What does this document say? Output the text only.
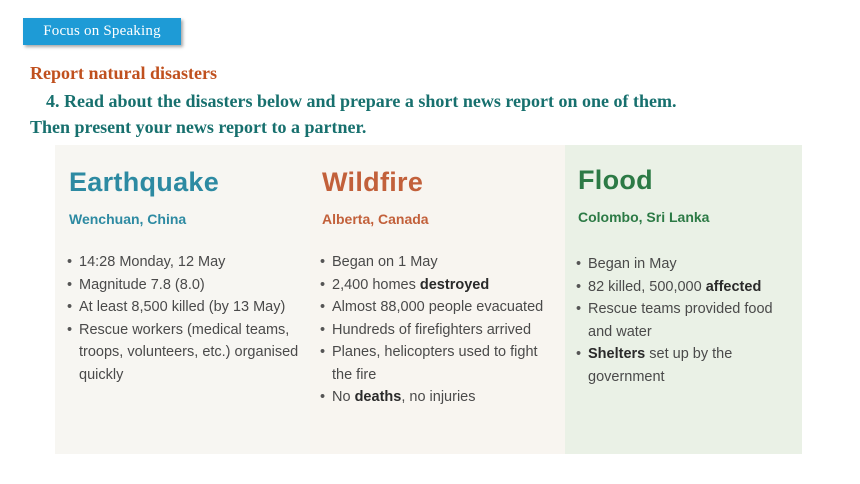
Focus on Speaking
Report natural disasters
4. Read about the disasters below and prepare a short news report on one of them.
Then present your news report to a partner.
Earthquake
Wenchuan, China
• 14:28 Monday, 12 May
• Magnitude 7.8 (8.0)
• At least 8,500 killed (by 13 May)
• Rescue workers (medical teams, troops, volunteers, etc.) organised quickly
Wildfire
Alberta, Canada
• Began on 1 May
• 2,400 homes destroyed
• Almost 88,000 people evacuated
• Hundreds of firefighters arrived
• Planes, helicopters used to fight the fire
• No deaths, no injuries
Flood
Colombo, Sri Lanka
• Began in May
• 82 killed, 500,000 affected
• Rescue teams provided food and water
• Shelters set up by the government
